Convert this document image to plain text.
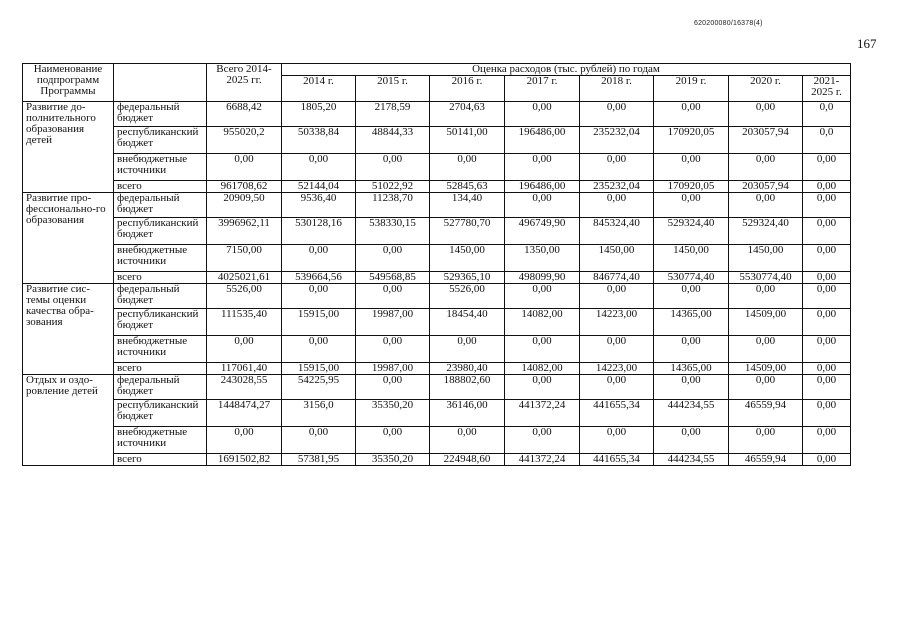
620200080/16378(4)
167
Наименование подпрограмм Программы		Всего 2014-2025 гг.	Оценка расходов (тыс. рублей) по годам							
			2014 г.	2015 г.	2016 г.	2017 г.	2018 г.	2019 г.	2020 г.	2021-2025 г.
Развитие до-полнительного образования детей	федеральный бюджет	6688,42	1805,20	2178,59	2704,63	0,00	0,00	0,00	0,00	0,0
	республиканский бюджет	955020,2	50338,84	48844,33	50141,00	196486,00	235232,04	170920,05	203057,94	0,0
	внебюджетные источники	0,00	0,00	0,00	0,00	0,00	0,00	0,00	0,00	0,00
	всего	961708,62	52144,04	51022,92	52845,63	196486,00	235232,04	170920,05	203057,94	0,00
Развитие про-фессионально-го образования	федеральный бюджет	20909,50	9536,40	11238,70	134,40	0,00	0,00	0,00	0,00	0,00
	республиканский бюджет	3996962,11	530128,16	538330,15	527780,70	496749,90	845324,40	529324,40	529324,40	0,00
	внебюджетные источники	7150,00	0,00	0,00	1450,00	1350,00	1450,00	1450,00	1450,00	0,00
	всего	4025021,61	539664,56	549568,85	529365,10	498099,90	846774,40	530774,40	5530774,40	0,00
Развитие сис-темы оценки качества обра-зования	федеральный бюджет	5526,00	0,00	0,00	5526,00	0,00	0,00	0,00	0,00	0,00
	республиканский бюджет	111535,40	15915,00	19987,00	18454,40	14082,00	14223,00	14365,00	14509,00	0,00
	внебюджетные источники	0,00	0,00	0,00	0,00	0,00	0,00	0,00	0,00	0,00
	всего	117061,40	15915,00	19987,00	23980,40	14082,00	14223,00	14365,00	14509,00	0,00
Отдых и оздо-ровление детей	федеральный бюджет	243028,55	54225,95	0,00	188802,60	0,00	0,00	0,00	0,00	0,00
	республиканский бюджет	1448474,27	3156,0	35350,20	36146,00	441372,24	441655,34	444234,55	46559,94	0,00
	внебюджетные источники	0,00	0,00	0,00	0,00	0,00	0,00	0,00	0,00	0,00
	всего	1691502,82	57381,95	35350,20	224948,60	441372,24	441655,34	444234,55	46559,94	0,00
